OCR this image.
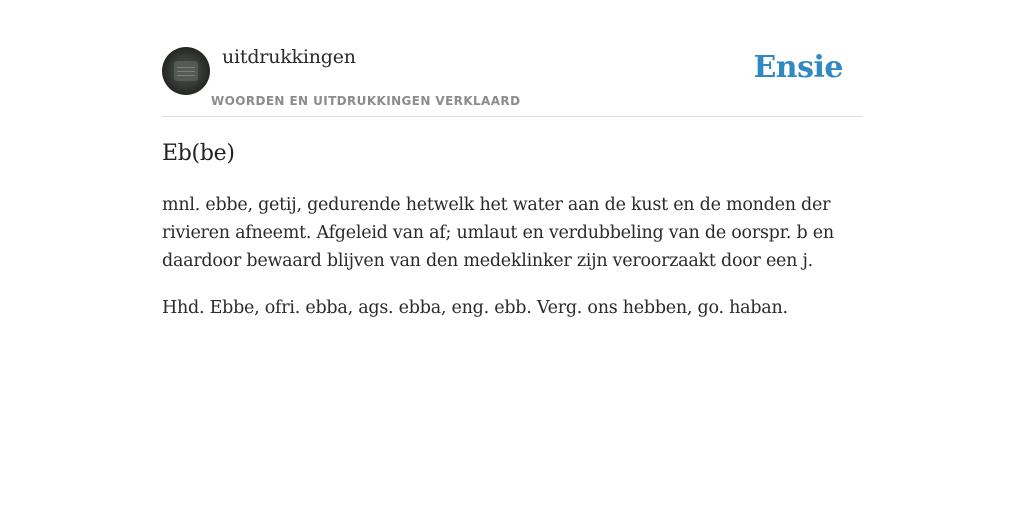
uitdrukkingen
WOORDEN EN UITDRUKKINGEN VERKLAARD
Ensie
Eb(be)

mnl. ebbe, getij, gedurende hetwelk het water aan de kust en de monden der rivieren afneemt. Afgeleid van af; umlaut en verdubbeling van de oorspr. b en daardoor bewaard blijven van den medeklinker zijn veroorzaakt door een j.

Hhd. Ebbe, ofri. ebba, ags. ebba, eng. ebb. Verg. ons hebben, go. haban.
